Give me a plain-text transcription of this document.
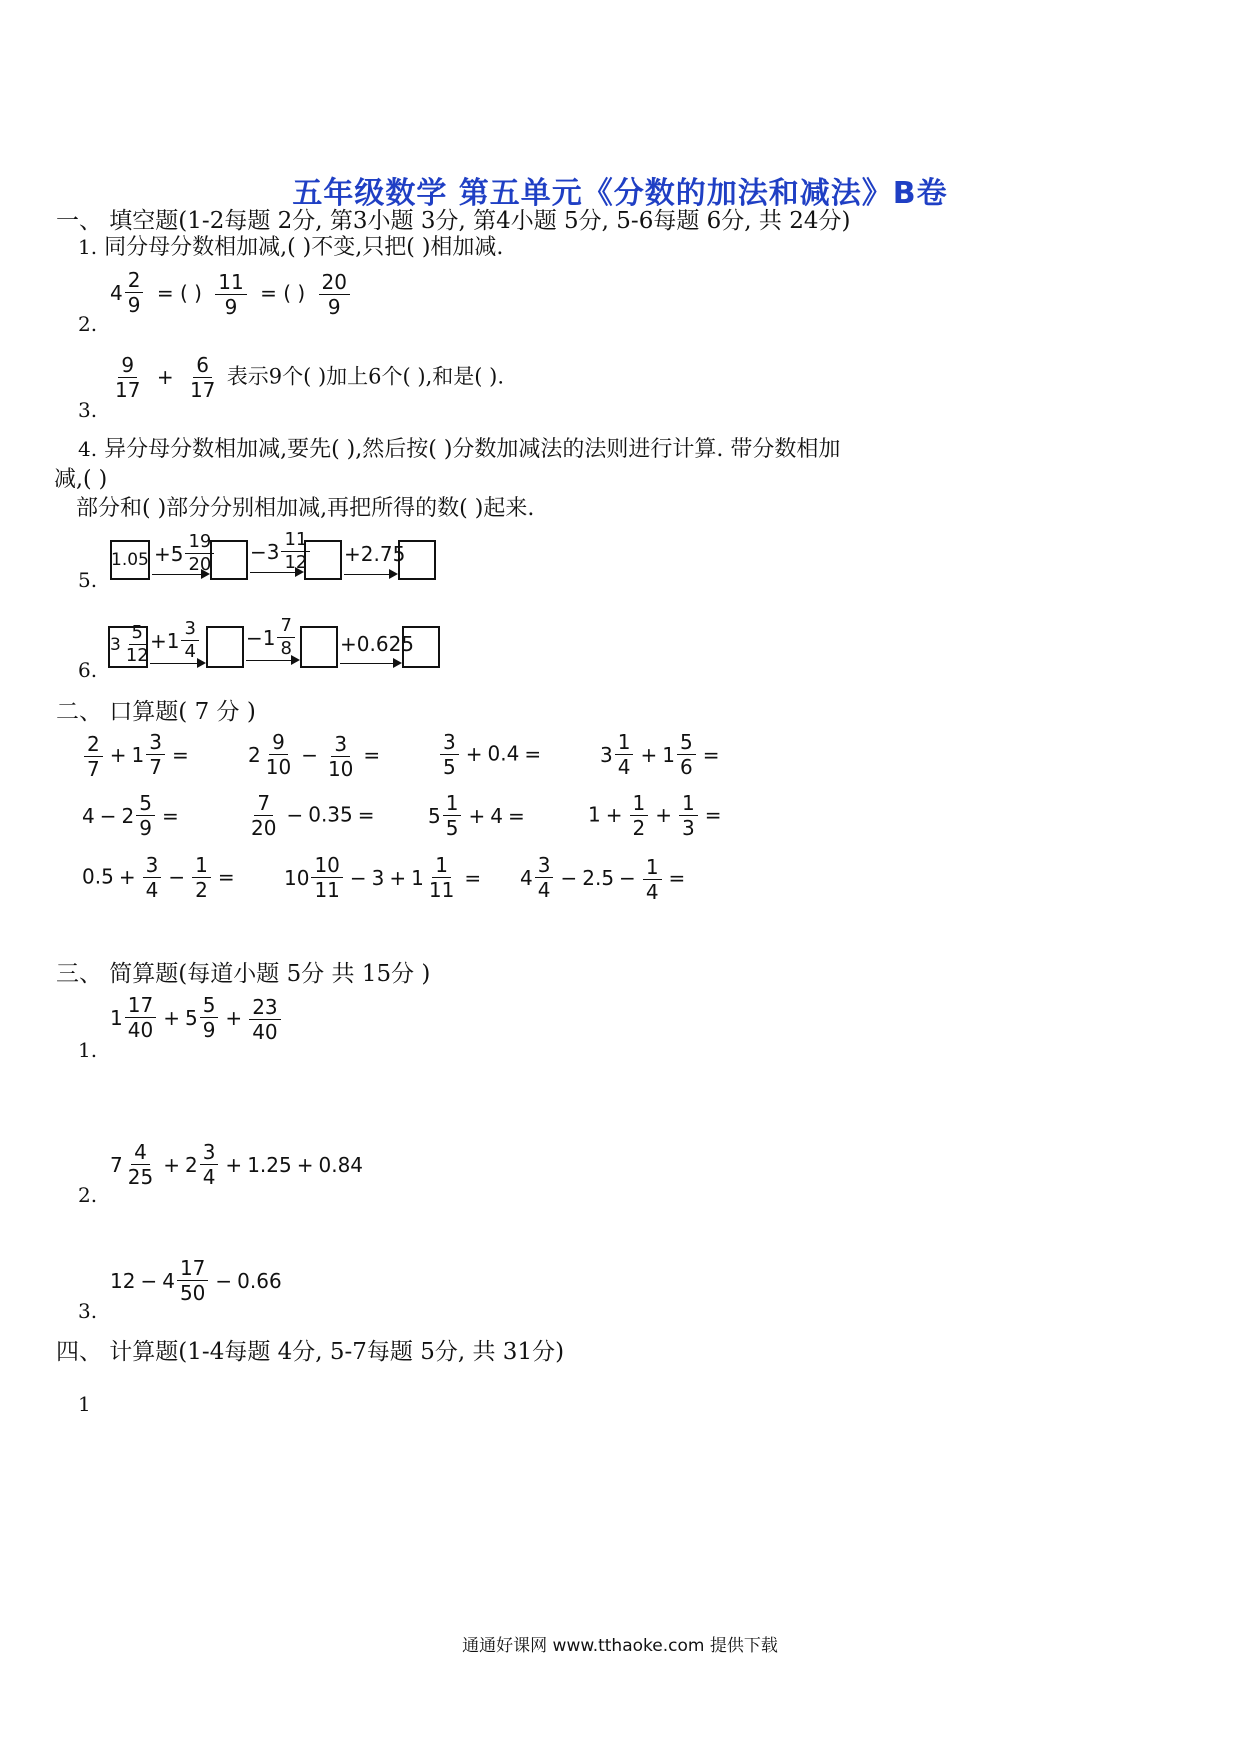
五年级数学 第五单元《分数的加法和减法》B卷
一、 填空题(1-2每题 2分, 第3小题 3分, 第4小题 5分, 5-6每题 6分, 共 24分)
1. 同分母分数相加减,( )不变,只把( )相加减.
2.
$4 \frac{2}{9}$ = ( ) $\frac{11}{9}$ = ( ) $\frac{20}{9}$
3.
$\frac{9}{17} + \frac{6}{17}$ 表示9个( )加上6个( ),和是( ).
4. 异分母分数相加减,要先( ),然后按( )分数加减法的法则进行计算. 带分数相加
减,( )
部分和( )部分分别相加减,再把所得的数( )起来.
5.
$1.05 +5 \frac{19}{20} -3 \frac{11}{12} +2.75$
6.
$3 \frac{5}{12}$
$+1 \frac{3}{4} -1 \frac{7}{8} +0.625$
二、 口算题( 7 分 )
$\frac{2}{7} + 1 \frac{3}{7}$ =	$2 \frac{9}{10} - \frac{3}{10}$ =	$\frac{3}{5} + 0.4$ =	$3 \frac{1}{4} + 1 \frac{5}{6}$ =
$4 - 2 \frac{5}{9}$ =	$\frac{7}{20} - 0.35$ =	$5 \frac{1}{5} + 4$ =	$1 + \frac{1}{2} + \frac{1}{3}$ =
$0.5 + \frac{3}{4} - \frac{1}{2} = 10 \frac{10}{11} - 3 + 1 \frac{1}{11} = 4 \frac{3}{4} - 2.5 - \frac{1}{4}$ =
三、 简算题(每道小题 5分 共 15分 )
1.
$1 \frac{17}{40} + 5 \frac{5}{9} + \frac{23}{40}$
2.
$7 \frac{4}{25} + 2 \frac{3}{4} + 1.25 + 0.84$
3.
$12 - 4 \frac{17}{50} - 0.66$
四、 计算题(1-4每题 4分, 5-7每题 5分, 共 31分)
1
通通好课网 www.tthaoke.com 提供下载
